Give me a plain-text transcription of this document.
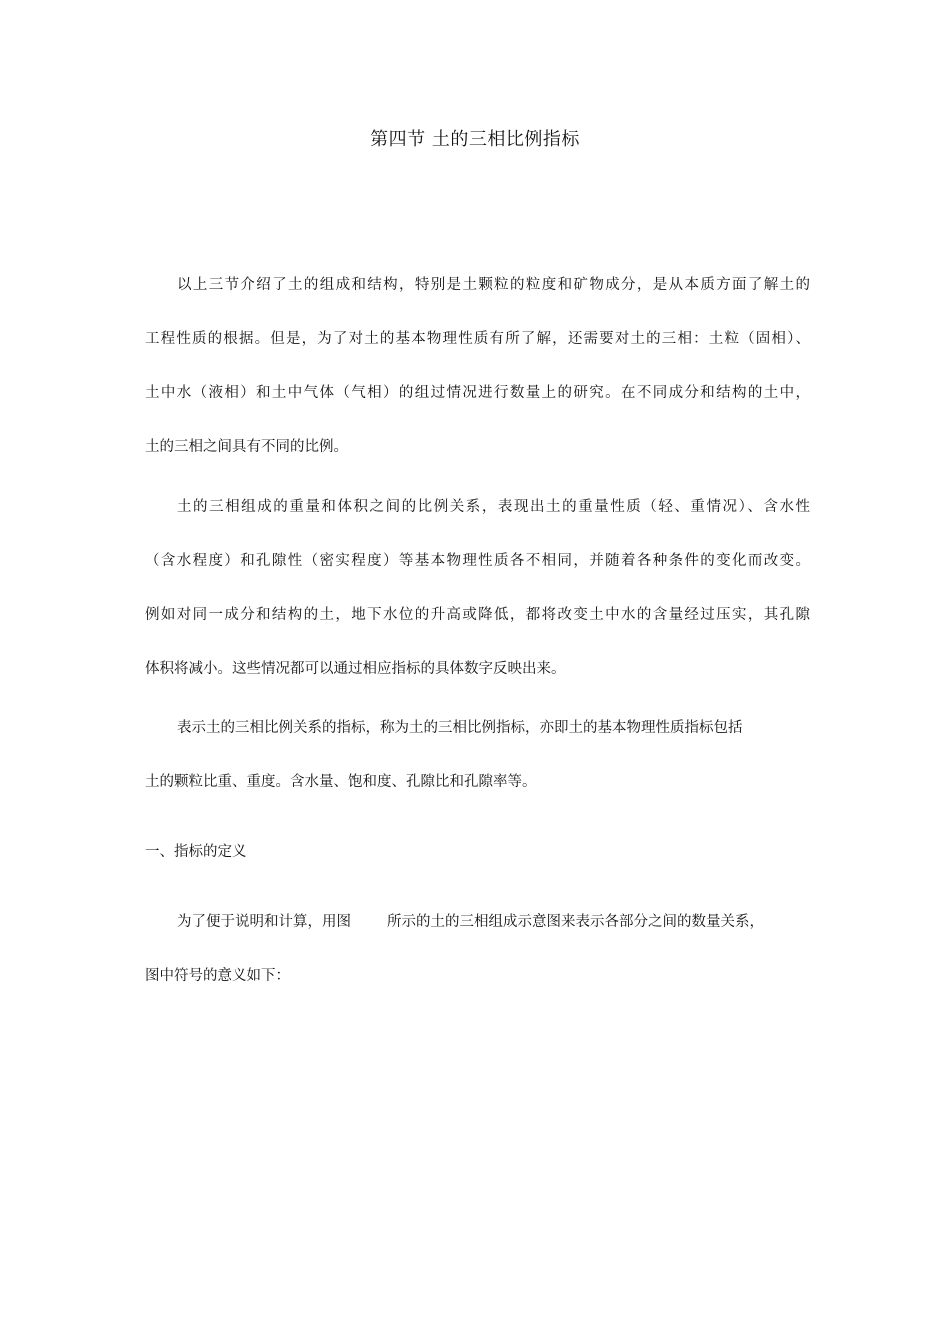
第四节 土的三相比例指标
以上三节介绍了土的组成和结构，特别是土颗粒的粒度和矿物成分，是从本质方面了解土的
工程性质的根据。但是，为了对土的基本物理性质有所了解，还需要对土的三相：土粒（固相）、
土中水（液相）和土中气体（气相）的组过情况进行数量上的研究。在不同成分和结构的土中，
土的三相之间具有不同的比例。
土的三相组成的重量和体积之间的比例关系，表现出土的重量性质（轻、重情况）、含水性
（含水程度）和孔隙性（密实程度）等基本物理性质各不相同，并随着各种条件的变化而改变。
例如对同一成分和结构的土，地下水位的升高或降低，都将改变土中水的含量经过压实，其孔隙
体积将减小。这些情况都可以通过相应指标的具体数字反映出来。
表示土的三相比例关系的指标，称为土的三相比例指标，亦即土的基本物理性质指标包括
土的颗粒比重、重度。含水量、饱和度、孔隙比和孔隙率等。
一、指标的定义
为了便于说明和计算，用图 所示的土的三相组成示意图来表示各部分之间的数量关系，
图中符号的意义如下：
